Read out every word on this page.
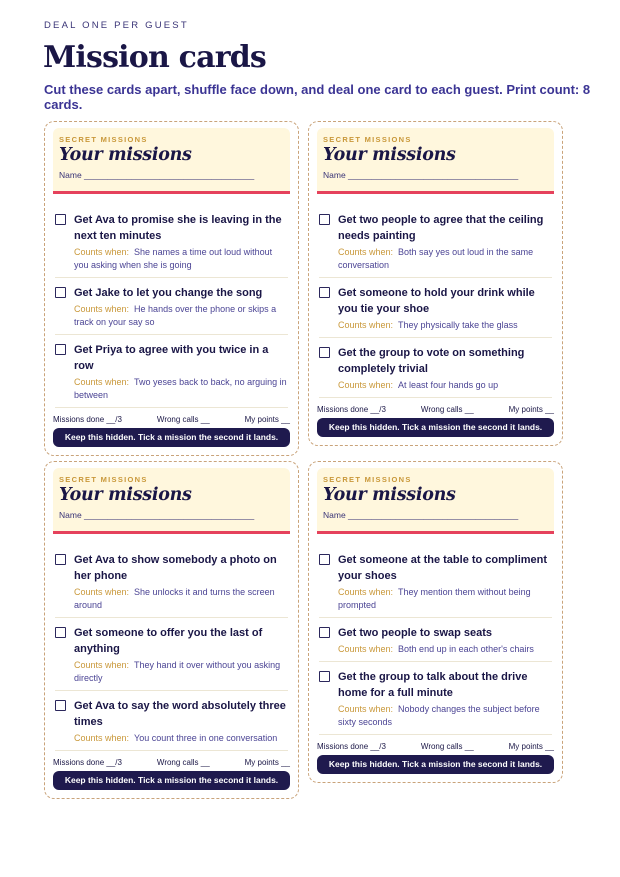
DEAL ONE PER GUEST
Mission cards
Cut these cards apart, shuffle face down, and deal one card to each guest. Print count: 8 cards.
SECRET MISSIONS
Your missions
Name ____________________________________
Get Ava to promise she is leaving in the next ten minutes
Counts when: She names a time out loud without you asking when she is going
Get Jake to let you change the song
Counts when: He hands over the phone or skips a track on your say so
Get Priya to agree with you twice in a row
Counts when: Two yeses back to back, no arguing in between
Missions done __/3	Wrong calls __	My points __
Keep this hidden. Tick a mission the second it lands.
SECRET MISSIONS
Your missions
Name ____________________________________
Get two people to agree that the ceiling needs painting
Counts when: Both say yes out loud in the same conversation
Get someone to hold your drink while you tie your shoe
Counts when: They physically take the glass
Get the group to vote on something completely trivial
Counts when: At least four hands go up
Missions done __/3	Wrong calls __	My points __
Keep this hidden. Tick a mission the second it lands.
SECRET MISSIONS
Your missions
Name ____________________________________
Get Ava to show somebody a photo on her phone
Counts when: She unlocks it and turns the screen around
Get someone to offer you the last of anything
Counts when: They hand it over without you asking directly
Get Ava to say the word absolutely three times
Counts when: You count three in one conversation
Missions done __/3	Wrong calls __	My points __
Keep this hidden. Tick a mission the second it lands.
SECRET MISSIONS
Your missions
Name ____________________________________
Get someone at the table to compliment your shoes
Counts when: They mention them without being prompted
Get two people to swap seats
Counts when: Both end up in each other's chairs
Get the group to talk about the drive home for a full minute
Counts when: Nobody changes the subject before sixty seconds
Missions done __/3	Wrong calls __	My points __
Keep this hidden. Tick a mission the second it lands.
